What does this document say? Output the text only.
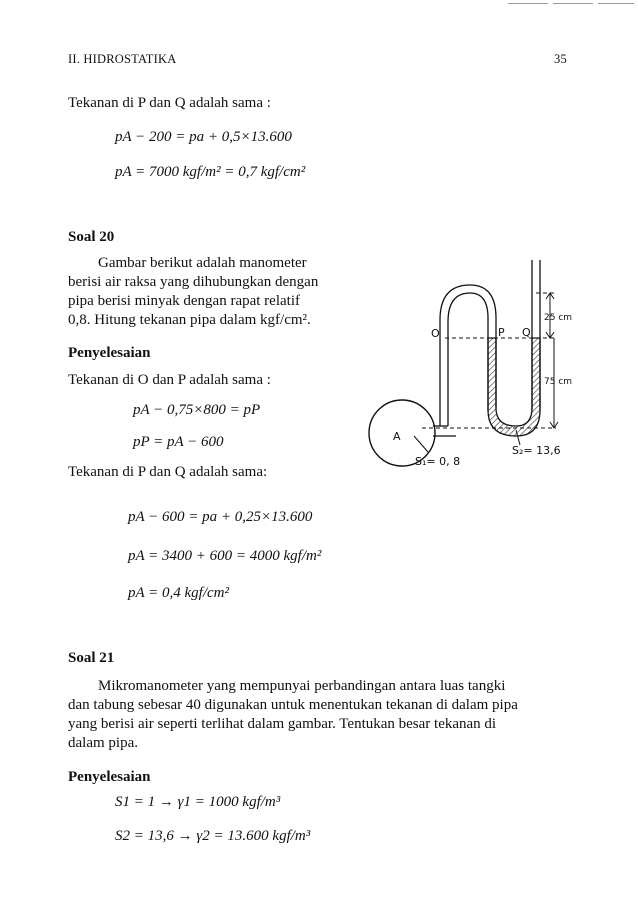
II. HIDROSTATIKA	35
Tekanan di P dan Q adalah sama :
pA − 200 = pa + 0,5×13.600
pA = 7000 kgf/m² = 0,7 kgf/cm²
Soal 20
Gambar berikut adalah manometer
berisi air raksa yang dihubungkan dengan
pipa berisi minyak dengan rapat relatif
0,8. Hitung tekanan pipa dalam kgf/cm².
Penyelesaian
Tekanan di O dan P adalah sama :
pA − 0,75×800 = pP
pP = pA − 600
Tekanan di P dan Q adalah sama:
pA − 600 = pa + 0,25×13.600
pA = 3400 + 600 = 4000 kgf/m²
pA = 0,4 kgf/cm²
O	P Q
A
25 cm
75 cm
S₁= 0, 8
S₂= 13,6
Soal 21
Mikromanometer yang mempunyai perbandingan antara luas tangki
dan tabung sebesar 40 digunakan untuk menentukan tekanan di dalam pipa
yang berisi air seperti terlihat dalam gambar. Tentukan besar tekanan di
dalam pipa.
Penyelesaian
S1 = 1 → γ1 = 1000 kgf/m³
S2 = 13,6 → γ2 = 13.600 kgf/m³
